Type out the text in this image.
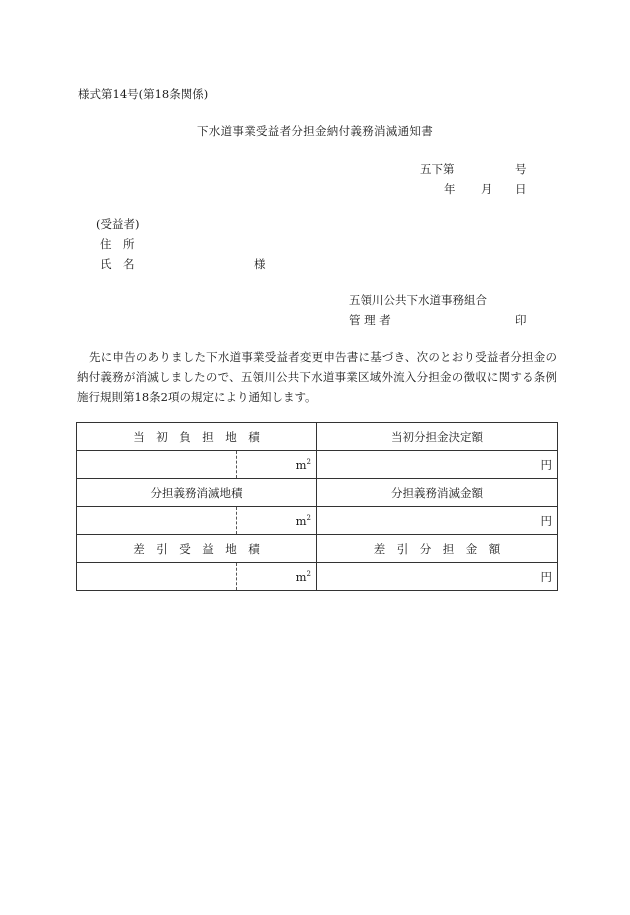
様式第14号(第18条関係)
下水道事業受益者分担金納付義務消滅通知書
五下第	号
年 月 日
(受益者)
住　所
氏　名	様
五領川公共下水道事務組合
管 理 者	印
先に申告のありました下水道事業受益者変更申告書に基づき、次のとおり受益者分担金の納付義務が消滅しましたので、五領川公共下水道事業区域外流入分担金の徴収に関する条例施行規則第18条2項の規定により通知します。
当　初　負　担　地　積		当初分担金決定額
	$m^2$	円
分担義務消滅地積		分担義務消滅金額
	$m^2$	円
差　引　受　益　地　積		差　引　分　担　金　額
	$m^2$	円
